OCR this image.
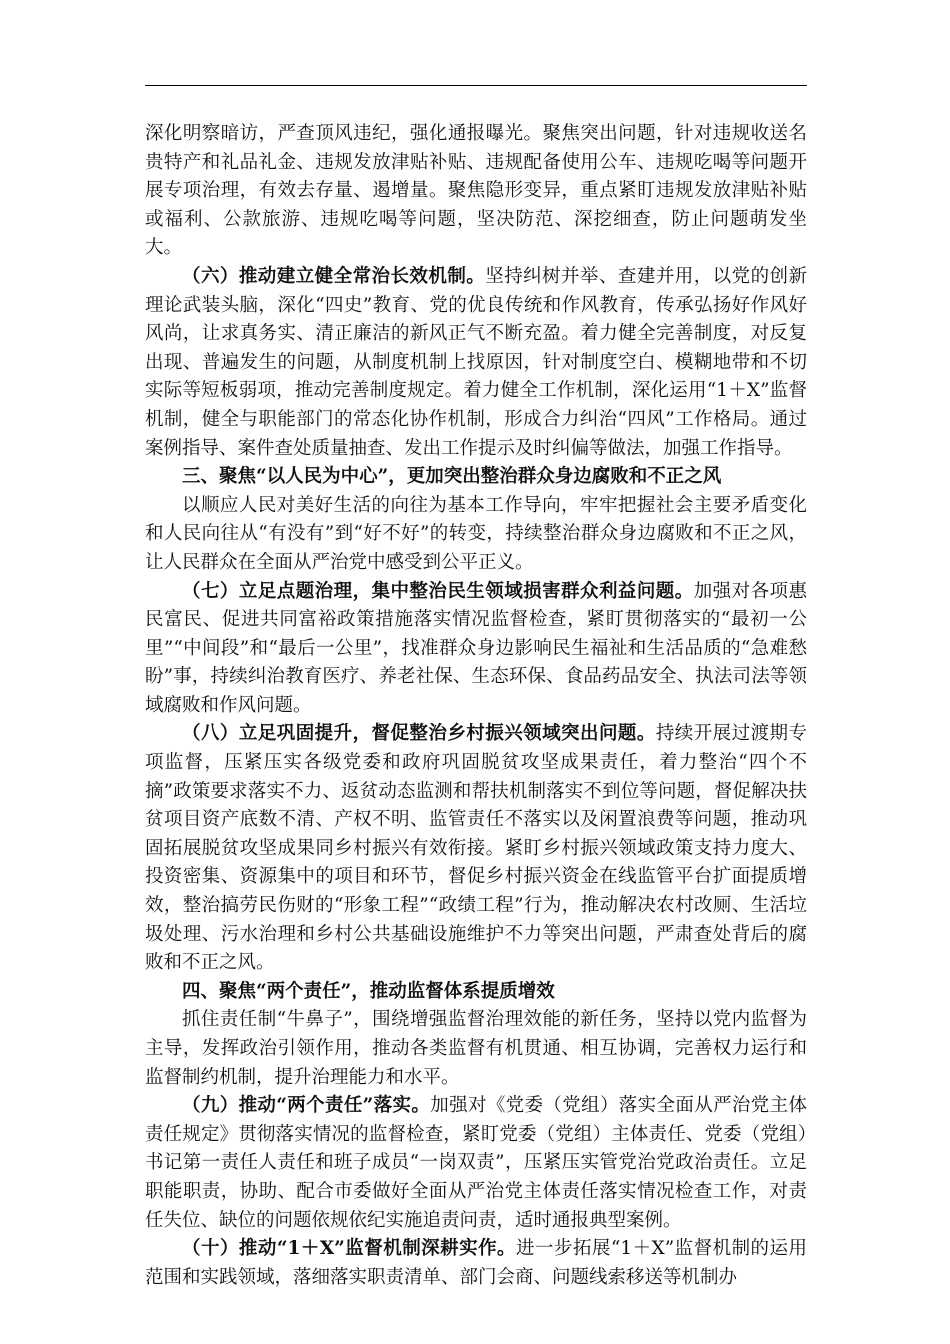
深化明察暗访，严查顶风违纪，强化通报曝光。聚焦突出问题，针对违规收送名贵特产和礼品礼金、违规发放津贴补贴、违规配备使用公车、违规吃喝等问题开展专项治理，有效去存量、遏增量。聚焦隐形变异，重点紧盯违规发放津贴补贴或福利、公款旅游、违规吃喝等问题，坚决防范、深挖细查，防止问题萌发坐大。

（六）推动建立健全常治长效机制。坚持纠树并举、查建并用，以党的创新理论武装头脑，深化“四史”教育、党的优良传统和作风教育，传承弘扬好作风好风尚，让求真务实、清正廉洁的新风正气不断充盈。着力健全完善制度，对反复出现、普遍发生的问题，从制度机制上找原因，针对制度空白、模糊地带和不切实际等短板弱项，推动完善制度规定。着力健全工作机制，深化运用“1＋X”监督机制，健全与职能部门的常态化协作机制，形成合力纠治“四风”工作格局。通过案例指导、案件查处质量抽查、发出工作提示及时纠偏等做法，加强工作指导。

三、聚焦“以人民为中心”，更加突出整治群众身边腐败和不正之风

以顺应人民对美好生活的向往为基本工作导向，牢牢把握社会主要矛盾变化和人民向往从“有没有”到“好不好”的转变，持续整治群众身边腐败和不正之风，让人民群众在全面从严治党中感受到公平正义。

（七）立足点题治理，集中整治民生领域损害群众利益问题。加强对各项惠民富民、促进共同富裕政策措施落实情况监督检查，紧盯贯彻落实的“最初一公里”“中间段”和“最后一公里”，找准群众身边影响民生福祉和生活品质的“急难愁盼”事，持续纠治教育医疗、养老社保、生态环保、食品药品安全、执法司法等领域腐败和作风问题。

（八）立足巩固提升，督促整治乡村振兴领域突出问题。持续开展过渡期专项监督，压紧压实各级党委和政府巩固脱贫攻坚成果责任，着力整治“四个不摘”政策要求落实不力、返贫动态监测和帮扶机制落实不到位等问题，督促解决扶贫项目资产底数不清、产权不明、监管责任不落实以及闲置浪费等问题，推动巩固拓展脱贫攻坚成果同乡村振兴有效衔接。紧盯乡村振兴领域政策支持力度大、投资密集、资源集中的项目和环节，督促乡村振兴资金在线监管平台扩面提质增效，整治搞劳民伤财的“形象工程”“政绩工程”行为，推动解决农村改厕、生活垃圾处理、污水治理和乡村公共基础设施维护不力等突出问题，严肃查处背后的腐败和不正之风。

四、聚焦“两个责任”，推动监督体系提质增效

抓住责任制“牛鼻子”，围绕增强监督治理效能的新任务，坚持以党内监督为主导，发挥政治引领作用，推动各类监督有机贯通、相互协调，完善权力运行和监督制约机制，提升治理能力和水平。

（九）推动“两个责任”落实。加强对《党委（党组）落实全面从严治党主体责任规定》贯彻落实情况的监督检查，紧盯党委（党组）主体责任、党委（党组）书记第一责任人责任和班子成员“一岗双责”，压紧压实管党治党政治责任。立足职能职责，协助、配合市委做好全面从严治党主体责任落实情况检查工作，对责任失位、缺位的问题依规依纪实施追责问责，适时通报典型案例。

（十）推动“1＋X”监督机制深耕实作。进一步拓展“1＋X”监督机制的运用范围和实践领域，落细落实职责清单、部门会商、问题线索移送等机制办
